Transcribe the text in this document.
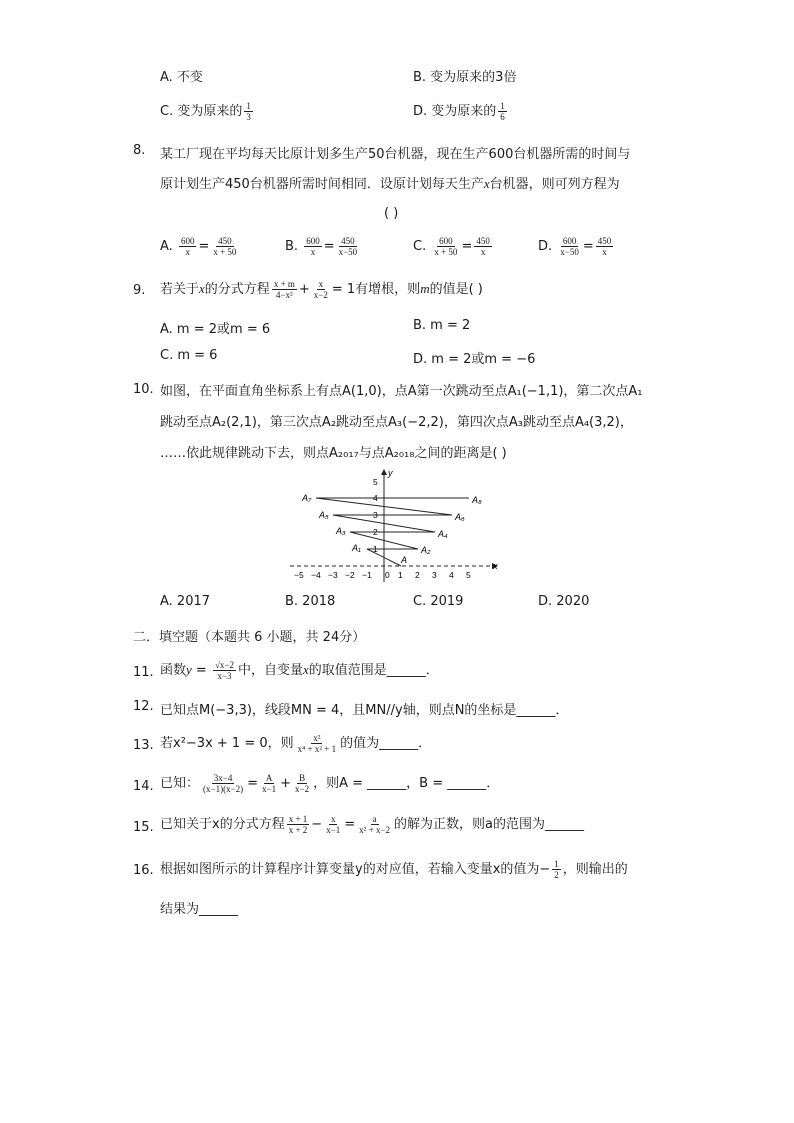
A. 不变	B. 变为原来的3倍
C. 变为原来的 $\frac{1}{3}$	D. 变为原来的 $\frac{1}{6}$
8. 某工厂现在平均每天比原计划多生产50台机器，现在生产600台机器所需的时间与
原计划生产450台机器所需时间相同．设原计划每天生产x台机器，则可列方程为
( )
A. $\frac{600}{x} = \frac{450}{x + 50}$	B. $\frac{600}{x} = \frac{450}{x-50}$	C. $\frac{600}{x + 50} = \frac{450}{x}$	D. $\frac{600}{x-50} = \frac{450}{x}$
9. 若关于x的分式方程 $\frac{x + m}{\text{4−x²}} + \frac{x}{x-2} = 1$有增根，则m的值是( )
A. m = 2或m = 6	B. m = 2
C. m = 6	D. m = 2或m = −6
10. 如图，在平面直角坐标系上有点A(1,0)，点A第一次跳动至点A₁(−1,1)，第二次点A₁
跳动至点A₂(2,1)，第三次点A₂跳动至点A₃(−2,2)，第四次点A₃跳动至点A₄(3,2)，
……依此规律跳动下去，则点A₂₀₁₇与点A₂₀₁₈之间的距离是( )
x
y
−5 −4 −3 −2 −1 0 1 2 3 4 5
1
2
3
4
5
A
A₁	A₂
A₃	A₄
A₅	A₆
A₇	A₈
A. 2017	B. 2018	C. 2019	D. 2020
二．填空题（本题共 6 小题，共 24分）
11. 函数$y = \frac{√x-2}{x-3}$ 中，自变量x的取值范围是______．
12. 已知点M(−3,3)，线段MN = 4，且MN//y轴，则点N的坐标是______．
13. 若x²−3x + 1 = 0，则 $\frac{\text{x²}}{\text{x⁴ + x² + 1}}$ 的值为______．
14. 已知： $\frac{3x-4}{(x-1)(x-2)} = \frac{A}{x-1} + \frac{B}{x-2}$ ，则A = ______，B = ______．
15. 已知关于x的分式方程 $\frac{x + 1}{x + 2} - \frac{x}{x-1} = \frac{a}{\text{x² + x−2}}$ 的解为正数，则a的范围为______
16. 根据如图所示的计算程序计算变量y的对应值，若输入变量x的值为− $\frac{1}{2}$ ，则输出的
结果为______
